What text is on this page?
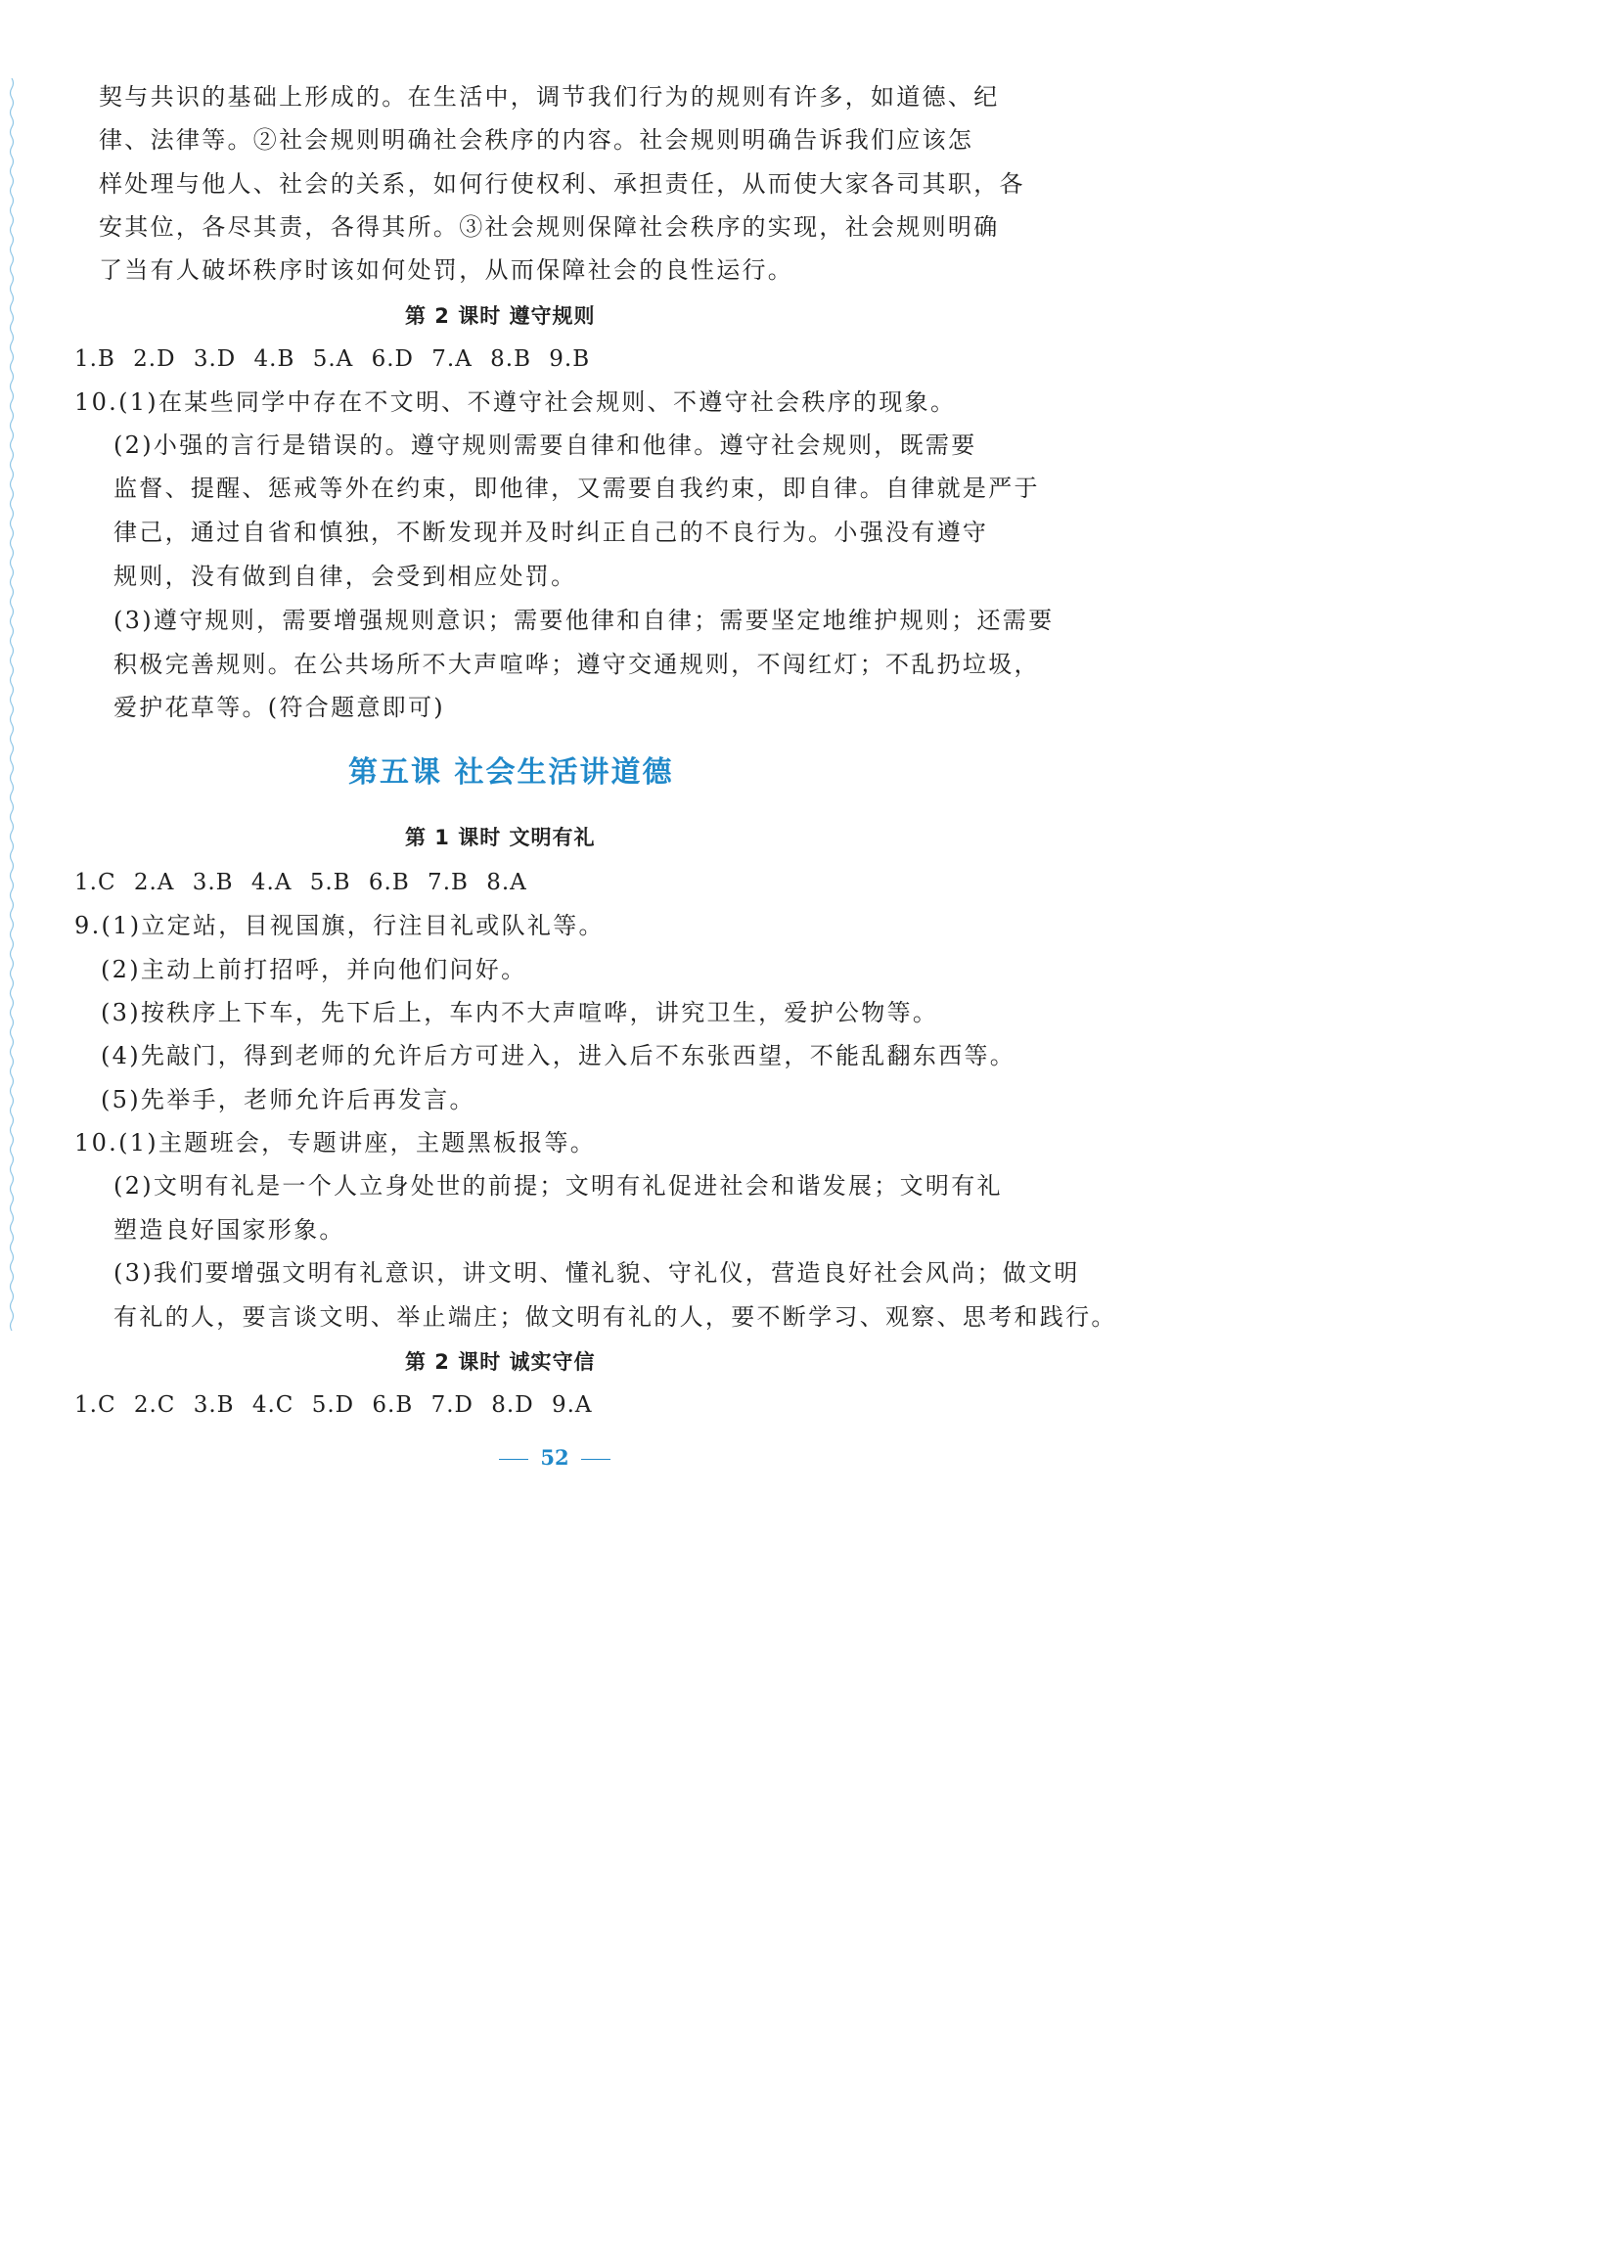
契与共识的基础上形成的。在生活中，调节我们行为的规则有许多，如道德、纪
律、法律等。②社会规则明确社会秩序的内容。社会规则明确告诉我们应该怎
样处理与他人、社会的关系，如何行使权利、承担责任，从而使大家各司其职，各
安其位，各尽其责，各得其所。③社会规则保障社会秩序的实现，社会规则明确
了当有人破坏秩序时该如何处罚，从而保障社会的良性运行。
第 2 课时 遵守规则
1.B 2.D 3.D 4.B 5.A 6.D 7.A 8.B 9.B
10.(1)在某些同学中存在不文明、不遵守社会规则、不遵守社会秩序的现象。
(2)小强的言行是错误的。遵守规则需要自律和他律。遵守社会规则，既需要
监督、提醒、惩戒等外在约束，即他律，又需要自我约束，即自律。自律就是严于
律己，通过自省和慎独，不断发现并及时纠正自己的不良行为。小强没有遵守
规则，没有做到自律，会受到相应处罚。
(3)遵守规则，需要增强规则意识；需要他律和自律；需要坚定地维护规则；还需要
积极完善规则。在公共场所不大声喧哗；遵守交通规则，不闯红灯；不乱扔垃圾，
爱护花草等。(符合题意即可)
第五课 社会生活讲道德
第 1 课时 文明有礼
1.C 2.A 3.B 4.A 5.B 6.B 7.B 8.A
9.(1)立定站，目视国旗，行注目礼或队礼等。
(2)主动上前打招呼，并向他们问好。
(3)按秩序上下车，先下后上，车内不大声喧哗，讲究卫生，爱护公物等。
(4)先敲门，得到老师的允许后方可进入，进入后不东张西望，不能乱翻东西等。
(5)先举手，老师允许后再发言。
10.(1)主题班会，专题讲座，主题黑板报等。
(2)文明有礼是一个人立身处世的前提；文明有礼促进社会和谐发展；文明有礼
塑造良好国家形象。
(3)我们要增强文明有礼意识，讲文明、懂礼貌、守礼仪，营造良好社会风尚；做文明
有礼的人，要言谈文明、举止端庄；做文明有礼的人，要不断学习、观察、思考和践行。
第 2 课时 诚实守信
1.C 2.C 3.B 4.C 5.D 6.B 7.D 8.D 9.A
52
